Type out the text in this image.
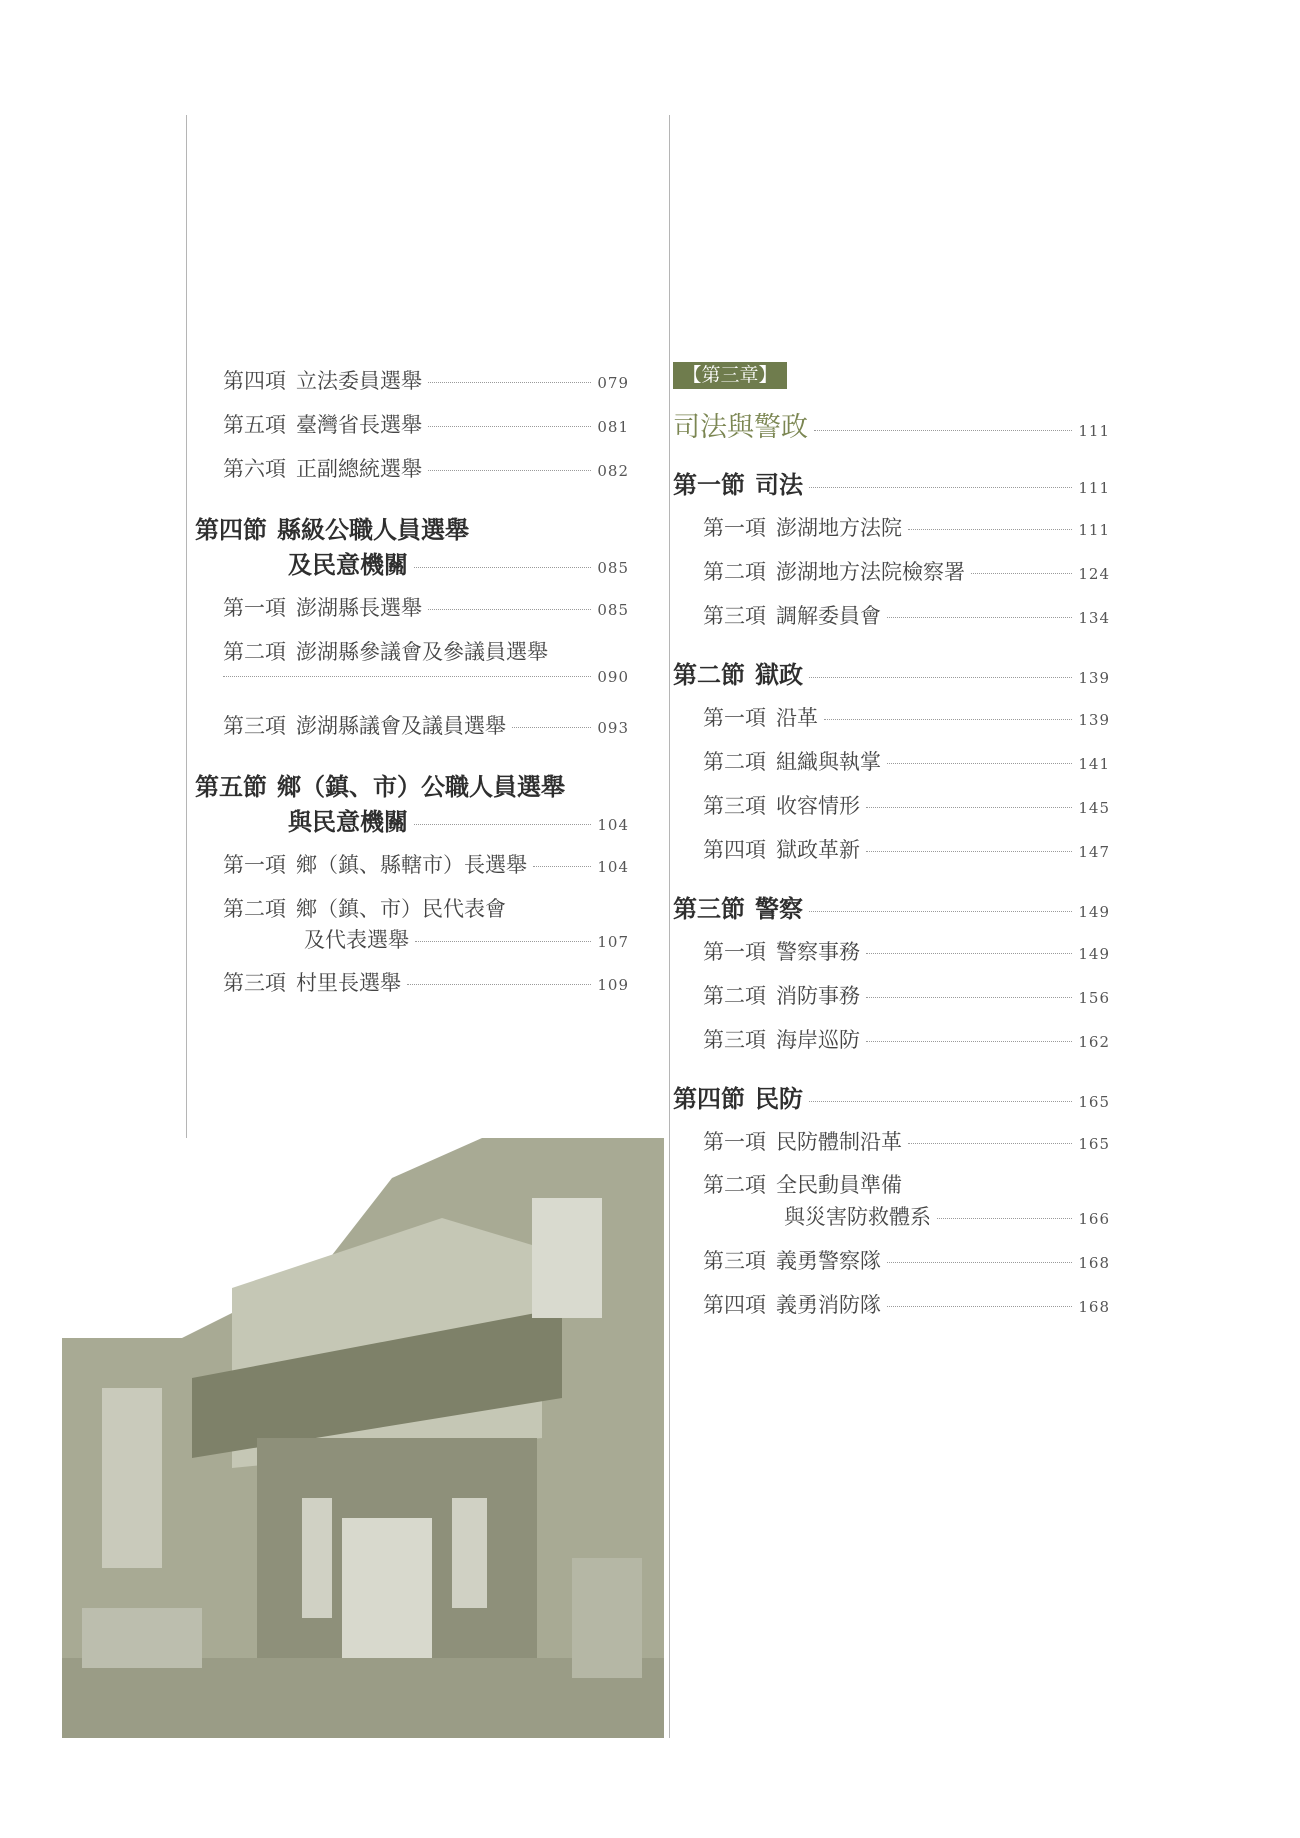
第四項 立法委員選舉	079
第五項 臺灣省長選舉	081
第六項 正副總統選舉	082
第四節 縣級公職人員選舉
及民意機關	085
第一項 澎湖縣長選舉	085
第二項 澎湖縣參議會及參議員選舉
090
第三項 澎湖縣議會及議員選舉	093
第五節 鄉（鎮、市）公職人員選舉
與民意機關	104
第一項 鄉（鎮、縣轄市）長選舉	104
第二項 鄉（鎮、市）民代表會
及代表選舉	107
第三項 村里長選舉	109
【第三章】
司法與警政	111
第一節 司法	111
第一項 澎湖地方法院	111
第二項 澎湖地方法院檢察署	124
第三項 調解委員會	134
第二節 獄政	139
第一項 沿革	139
第二項 組織與執掌	141
第三項 收容情形	145
第四項 獄政革新	147
第三節 警察	149
第一項 警察事務	149
第二項 消防事務	156
第三項 海岸巡防	162
第四節 民防	165
第一項 民防體制沿革	165
第二項 全民動員準備
與災害防救體系	166
第三項 義勇警察隊	168
第四項 義勇消防隊	168
